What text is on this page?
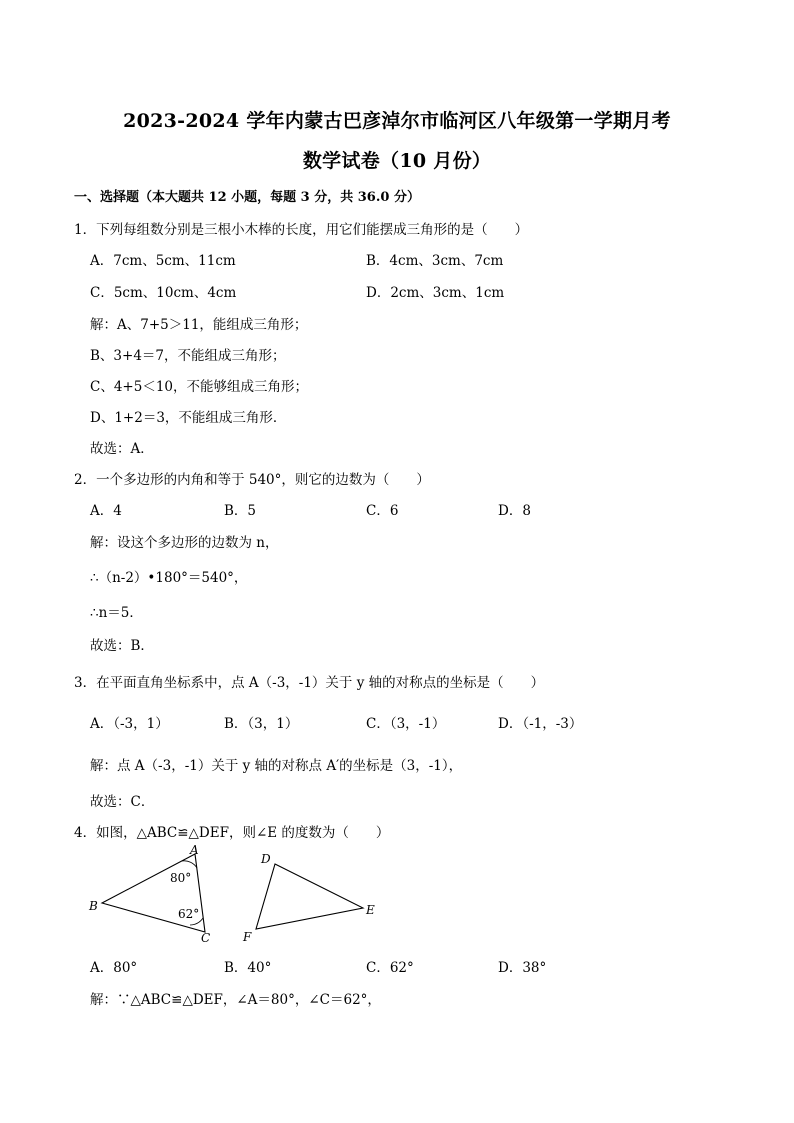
2023-2024 学年内蒙古巴彦淖尔市临河区八年级第一学期月考
数学试卷（10 月份）
一、选择题（本大题共 12 小题，每题 3 分，共 36.0 分）
1．下列每组数分别是三根小木棒的长度，用它们能摆成三角形的是（　　）
A．7cm、5cm、11cm	B．4cm、3cm、7cm
C．5cm、10cm、4cm	D．2cm、3cm、1cm
解：A、7+5＞11，能组成三角形；
B、3+4＝7，不能组成三角形；
C、4+5＜10，不能够组成三角形；
D、1+2＝3，不能组成三角形．
故选：A．
2．一个多边形的内角和等于 540°，则它的边数为（　　）
A．4	B．5	C．6	D．8
解：设这个多边形的边数为 n，
∴（n-2）•180°＝540°，
∴n＝5．
故选：B．
3．在平面直角坐标系中，点 A（-3，-1）关于 y 轴的对称点的坐标是（　　）
A．（-3，1）	B．（3，1）	C．（3，-1）	D．（-1，-3）
解：点 A（-3，-1）关于 y 轴的对称点 A′的坐标是（3，-1），
故选：C．
4．如图，△ABC≌△DEF，则∠E 的度数为（　　）
A
B
C
80°
62°
D
E
F
A．80°	B．40°	C．62°	D．38°
解：∵△ABC≌△DEF，∠A＝80°，∠C＝62°，
